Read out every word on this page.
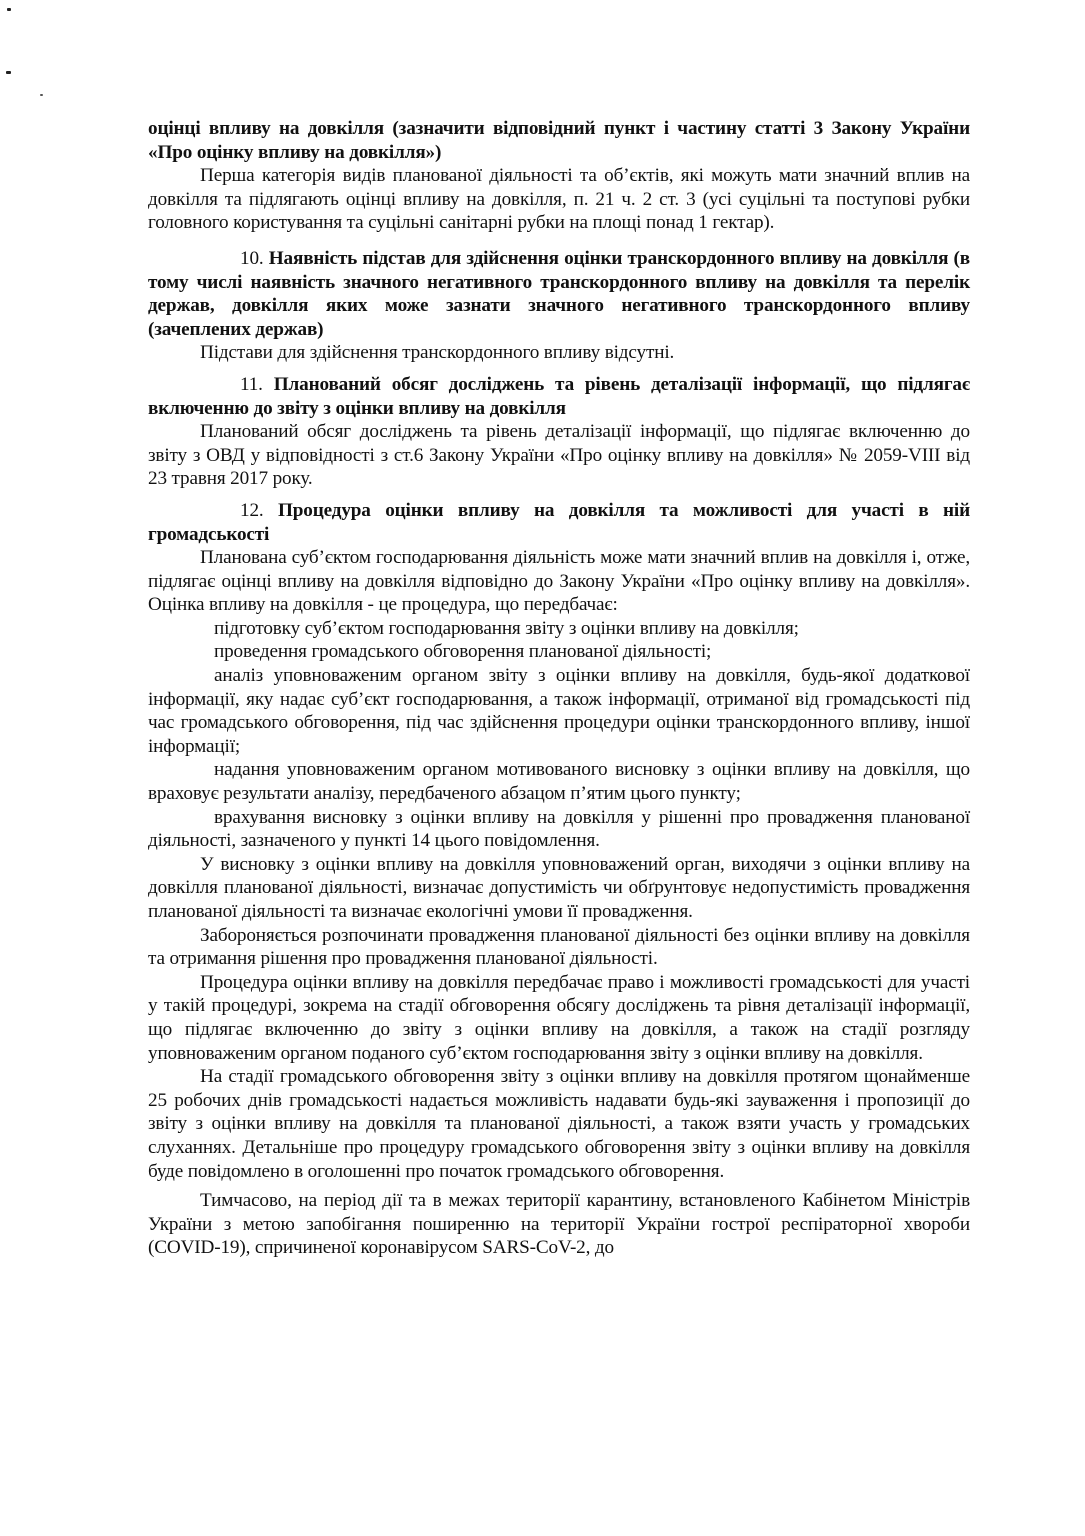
оцінці впливу на довкілля (зазначити відповідний пункт і частину статті 3 Закону України «Про оцінку впливу на довкілля»)

Перша категорія видів планованої діяльності та об’єктів, які можуть мати значний вплив на довкілля та підлягають оцінці впливу на довкілля, п. 21 ч. 2 ст. 3 (усі суцільні та поступові рубки головного користування та суцільні санітарні рубки на площі понад 1 гектар).

10. Наявність підстав для здійснення оцінки транскордонного впливу на довкілля (в тому числі наявність значного негативного транскордонного впливу на довкілля та перелік держав, довкілля яких може зазнати значного негативного транскордонного впливу (зачеплених держав)

Підстави для здійснення транскордонного впливу відсутні.

11. Планований обсяг досліджень та рівень деталізації інформації, що підлягає включенню до звіту з оцінки впливу на довкілля

Планований обсяг досліджень та рівень деталізації інформації, що підлягає включенню до звіту з ОВД у відповідності з ст.6 Закону України «Про оцінку впливу на довкілля» № 2059-VIII від 23 травня 2017 року.

12. Процедура оцінки впливу на довкілля та можливості для участі в ній громадськості

Планована суб’єктом господарювання діяльність може мати значний вплив на довкілля і, отже, підлягає оцінці впливу на довкілля відповідно до Закону України «Про оцінку впливу на довкілля». Оцінка впливу на довкілля - це процедура, що передбачає:

підготовку суб’єктом господарювання звіту з оцінки впливу на довкілля;

проведення громадського обговорення планованої діяльності;

аналіз уповноваженим органом звіту з оцінки впливу на довкілля, будь-якої додаткової інформації, яку надає суб’єкт господарювання, а також інформації, отриманої від громадськості під час громадського обговорення, під час здійснення процедури оцінки транскордонного впливу, іншої інформації;

надання уповноваженим органом мотивованого висновку з оцінки впливу на довкілля, що враховує результати аналізу, передбаченого абзацом п’ятим цього пункту;

врахування висновку з оцінки впливу на довкілля у рішенні про провадження планованої діяльності, зазначеного у пункті 14 цього повідомлення.

У висновку з оцінки впливу на довкілля уповноважений орган, виходячи з оцінки впливу на довкілля планованої діяльності, визначає допустимість чи обґрунтовує недопустимість провадження планованої діяльності та визначає екологічні умови її провадження.

Забороняється розпочинати провадження планованої діяльності без оцінки впливу на довкілля та отримання рішення про провадження планованої діяльності.

Процедура оцінки впливу на довкілля передбачає право і можливості громадськості для участі у такій процедурі, зокрема на стадії обговорення обсягу досліджень та рівня деталізації інформації, що підлягає включенню до звіту з оцінки впливу на довкілля, а також на стадії розгляду уповноваженим органом поданого суб’єктом господарювання звіту з оцінки впливу на довкілля.

На стадії громадського обговорення звіту з оцінки впливу на довкілля протягом щонайменше 25 робочих днів громадськості надається можливість надавати будь-які зауваження і пропозиції до звіту з оцінки впливу на довкілля та планованої діяльності, а також взяти участь у громадських слуханнях. Детальніше про процедуру громадського обговорення звіту з оцінки впливу на довкілля буде повідомлено в оголошенні про початок громадського обговорення.

Тимчасово, на період дії та в межах території карантину, встановленого Кабінетом Міністрів України з метою запобігання поширенню на території України гострої респіраторної хвороби (COVID-19), спричиненої коронавірусом SARS-CoV-2, до
